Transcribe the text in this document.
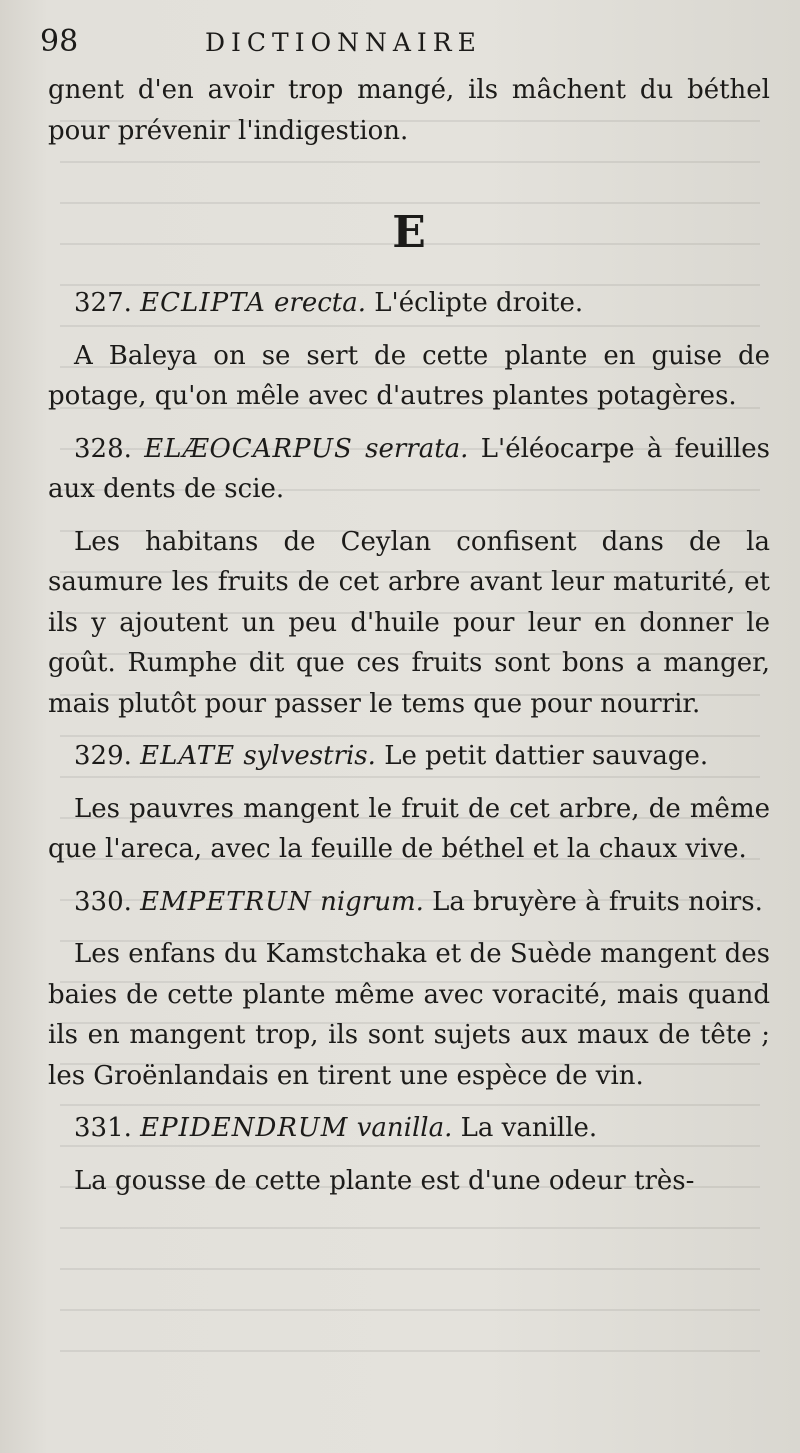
98	DICTIONNAIRE

gnent d'en avoir trop mangé, ils mâchent du béthel pour prévenir l'indigestion.

E

327. ECLIPTA erecta. L'éclipte droite.

A Baleya on se sert de cette plante en guise de potage, qu'on mêle avec d'autres plantes potagères.

328. ELÆOCARPUS serrata. L'éléocarpe à feuilles aux dents de scie.

Les habitans de Ceylan confisent dans de la saumure les fruits de cet arbre avant leur maturité, et ils y ajoutent un peu d'huile pour leur en donner le goût. Rumphe dit que ces fruits sont bons a manger, mais plutôt pour passer le tems que pour nourrir.

329. ELATE sylvestris. Le petit dattier sauvage.

Les pauvres mangent le fruit de cet arbre, de même que l'areca, avec la feuille de béthel et la chaux vive.

330. EMPETRUN nigrum. La bruyère à fruits noirs.

Les enfans du Kamstchaka et de Suède mangent des baies de cette plante même avec voracité, mais quand ils en mangent trop, ils sont sujets aux maux de tête ; les Groënlandais en tirent une espèce de vin.

331. EPIDENDRUM vanilla. La vanille.

La gousse de cette plante est d'une odeur très-
